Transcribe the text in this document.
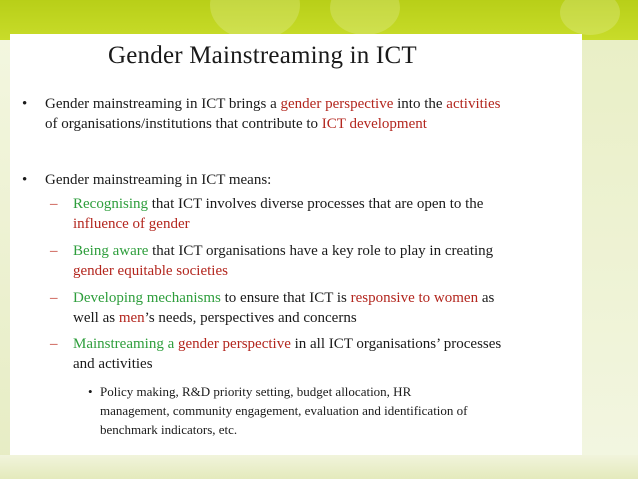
Gender Mainstreaming in ICT
• Gender mainstreaming in ICT brings a gender perspective into the activities
of organisations/institutions that contribute to ICT development
• Gender mainstreaming in ICT means:
– Recognising that ICT involves diverse processes that are open to the
influence of gender
– Being aware that ICT organisations have a key role to play in creating
gender equitable societies
– Developing mechanisms to ensure that ICT is responsive to women as
well as men’s needs, perspectives and concerns
– Mainstreaming a gender perspective in all ICT organisations’ processes
and activities
• Policy making, R&D priority setting, budget allocation, HR
management, community engagement, evaluation and identification of
benchmark indicators, etc.
